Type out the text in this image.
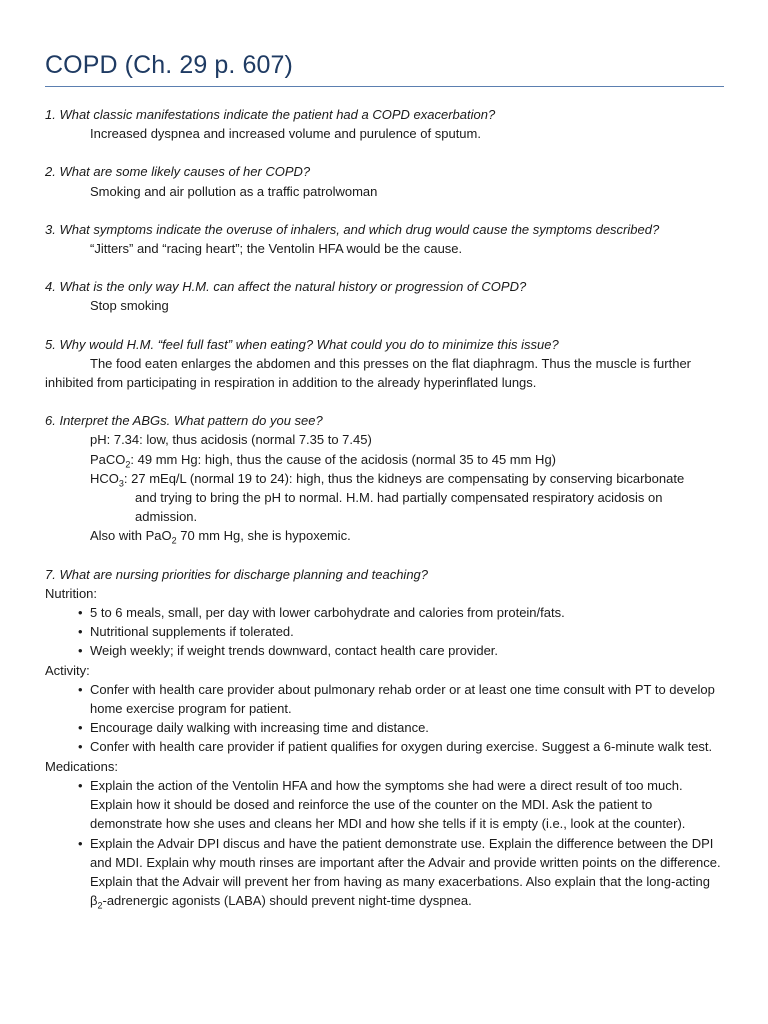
COPD (Ch. 29 p. 607)

1. What classic manifestations indicate the patient had a COPD exacerbation?

Increased dyspnea and increased volume and purulence of sputum.

2. What are some likely causes of her COPD?

Smoking and air pollution as a traffic patrolwoman

3. What symptoms indicate the overuse of inhalers, and which drug would cause the symptoms described?

“Jitters” and “racing heart”; the Ventolin HFA would be the cause.

4. What is the only way H.M. can affect the natural history or progression of COPD?

Stop smoking

5. Why would H.M. “feel full fast” when eating? What could you do to minimize this issue?

The food eaten enlarges the abdomen and this presses on the flat diaphragm. Thus the muscle is further inhibited from participating in respiration in addition to the already hyperinflated lungs.

6. Interpret the ABGs. What pattern do you see?

pH: 7.34: low, thus acidosis (normal 7.35 to 7.45)

PaCO$_2$: 49 mm Hg: high, thus the cause of the acidosis (normal 35 to 45 mm Hg)

$HCO_3$: 27 mEq/L (normal 19 to 24): high, thus the kidneys are compensating by conserving bicarbonate

and trying to bring the pH to normal. H.M. had partially compensated respiratory acidosis on

admission.

Also with PaO$_2$ 70 mm Hg, she is hypoxemic.

7. What are nursing priorities for discharge planning and teaching?

Nutrition:

• 5 to 6 meals, small, per day with lower carbohydrate and calories from protein/fats.
• Nutritional supplements if tolerated.
• Weigh weekly; if weight trends downward, contact health care provider.

Activity:

• Confer with health care provider about pulmonary rehab order or at least one time consult with PT to develop home exercise program for patient.
• Encourage daily walking with increasing time and distance.
• Confer with health care provider if patient qualifies for oxygen during exercise. Suggest a 6-minute walk test.

Medications:

• Explain the action of the Ventolin HFA and how the symptoms she had were a direct result of too much. Explain how it should be dosed and reinforce the use of the counter on the MDI. Ask the patient to demonstrate how she uses and cleans her MDI and how she tells if it is empty (i.e., look at the counter).
• Explain the Advair DPI discus and have the patient demonstrate use. Explain the difference between the DPI and MDI. Explain why mouth rinses are important after the Advair and provide written points on the difference. Explain that the Advair will prevent her from having as many exacerbations. Also explain that the long-acting $\beta_2$-adrenergic agonists (LABA) should prevent night-time dyspnea.
